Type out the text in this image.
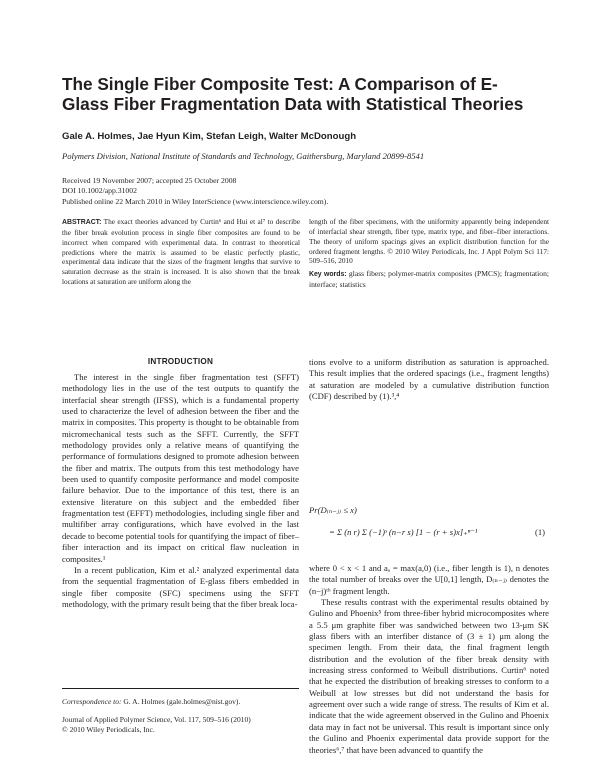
The Single Fiber Composite Test: A Comparison of E-Glass Fiber Fragmentation Data with Statistical Theories
Gale A. Holmes, Jae Hyun Kim, Stefan Leigh, Walter McDonough
Polymers Division, National Institute of Standards and Technology, Gaithersburg, Maryland 20899-8541
Received 19 November 2007; accepted 25 October 2008
DOI 10.1002/app.31002
Published online 22 March 2010 in Wiley InterScience (www.interscience.wiley.com).
ABSTRACT: The exact theories advanced by Curtin⁶ and Hui et al⁷ to describe the fiber break evolution process in single fiber composites are found to be incorrect when compared with experimental data. In contrast to theoretical predictions where the matrix is assumed to be elastic perfectly plastic, experimental data indicate that the sizes of the fragment lengths that survive to saturation decrease as the strain is increased. It is also shown that the break locations at saturation are uniform along the
length of the fiber specimens, with the uniformity apparently being independent of interfacial shear strength, fiber type, matrix type, and fiber–fiber interactions. The theory of uniform spacings gives an explicit distribution function for the ordered fragment lengths. © 2010 Wiley Periodicals, Inc. J Appl Polym Sci 117: 509–516, 2010
Key words: glass fibers; polymer-matrix composites (PMCS); fragmentation; interface; statistics
INTRODUCTION

The interest in the single fiber fragmentation test (SFFT) methodology lies in the use of the test outputs to quantify the interfacial shear strength (IFSS), which is a fundamental property used to characterize the level of adhesion between the fiber and the matrix in composites. This property is thought to be obtainable from micromechanical tests such as the SFFT. Currently, the SFFT methodology provides only a relative means of quantifying the performance of formulations designed to promote adhesion between the fiber and matrix. The outputs from this test methodology have been used to quantify composite performance and model composite failure behavior. Due to the importance of this test, there is an extensive literature on this subject and the embedded fiber fragmentation test (EFFT) methodologies, including single fiber and multifiber array configurations, which have evolved in the last decade to become potential tools for quantifying the impact of fiber–fiber interaction and its impact on critical flaw nucleation in composites.¹

In a recent publication, Kim et al.² analyzed experimental data from the sequential fragmentation of E-glass fibers embedded in single fiber composite (SFC) specimens using the SFFT methodology, with the primary result being that the fiber break loca-

tions evolve to a uniform distribution as saturation is approached. This result implies that the ordered spacings (i.e., fragment lengths) at saturation are modeled by a cumulative distribution function (CDF) described by (1).³,⁴

Pr(D₍ₙ₋ⱼ₎ ≤ x)
= Σ (n r) Σ (−1)ˢ (n−r s) [1 − (r + s)x]₊ⁿ⁻¹	(1)

where 0 < x < 1 and aₐ = max(a,0) (i.e., fiber length is 1), n denotes the total number of breaks over the U[0,1] length, D₍ₙ₋ⱼ₎ denotes the (n−j)ᵗʰ fragment length.

These results contrast with the experimental results obtained by Gulino and Phoenix⁵ from three-fiber hybrid microcomposites where a 5.5 μm graphite fiber was sandwiched between two 13-μm SK glass fibers with an interfiber distance of (3 ± 1) μm along the specimen length. From their data, the final fragment length distribution and the evolution of the fiber break density with increasing stress conformed to Weibull distributions. Curtin⁶ noted that he expected the distribution of breaking stresses to conform to a Weibull at low stresses but did not understand the basis for agreement over such a wide range of stress. The results of Kim et al. indicate that the wide agreement observed in the Gulino and Phoenix data may in fact not be universal. This result is important since only the Gulino and Phoenix experimental data provide support for the theories⁶,⁷ that have been advanced to quantify the

Correspondence to: G. A. Holmes (gale.holmes@nist.gov).
Journal of Applied Polymer Science, Vol. 117, 509–516 (2010)
© 2010 Wiley Periodicals, Inc.
